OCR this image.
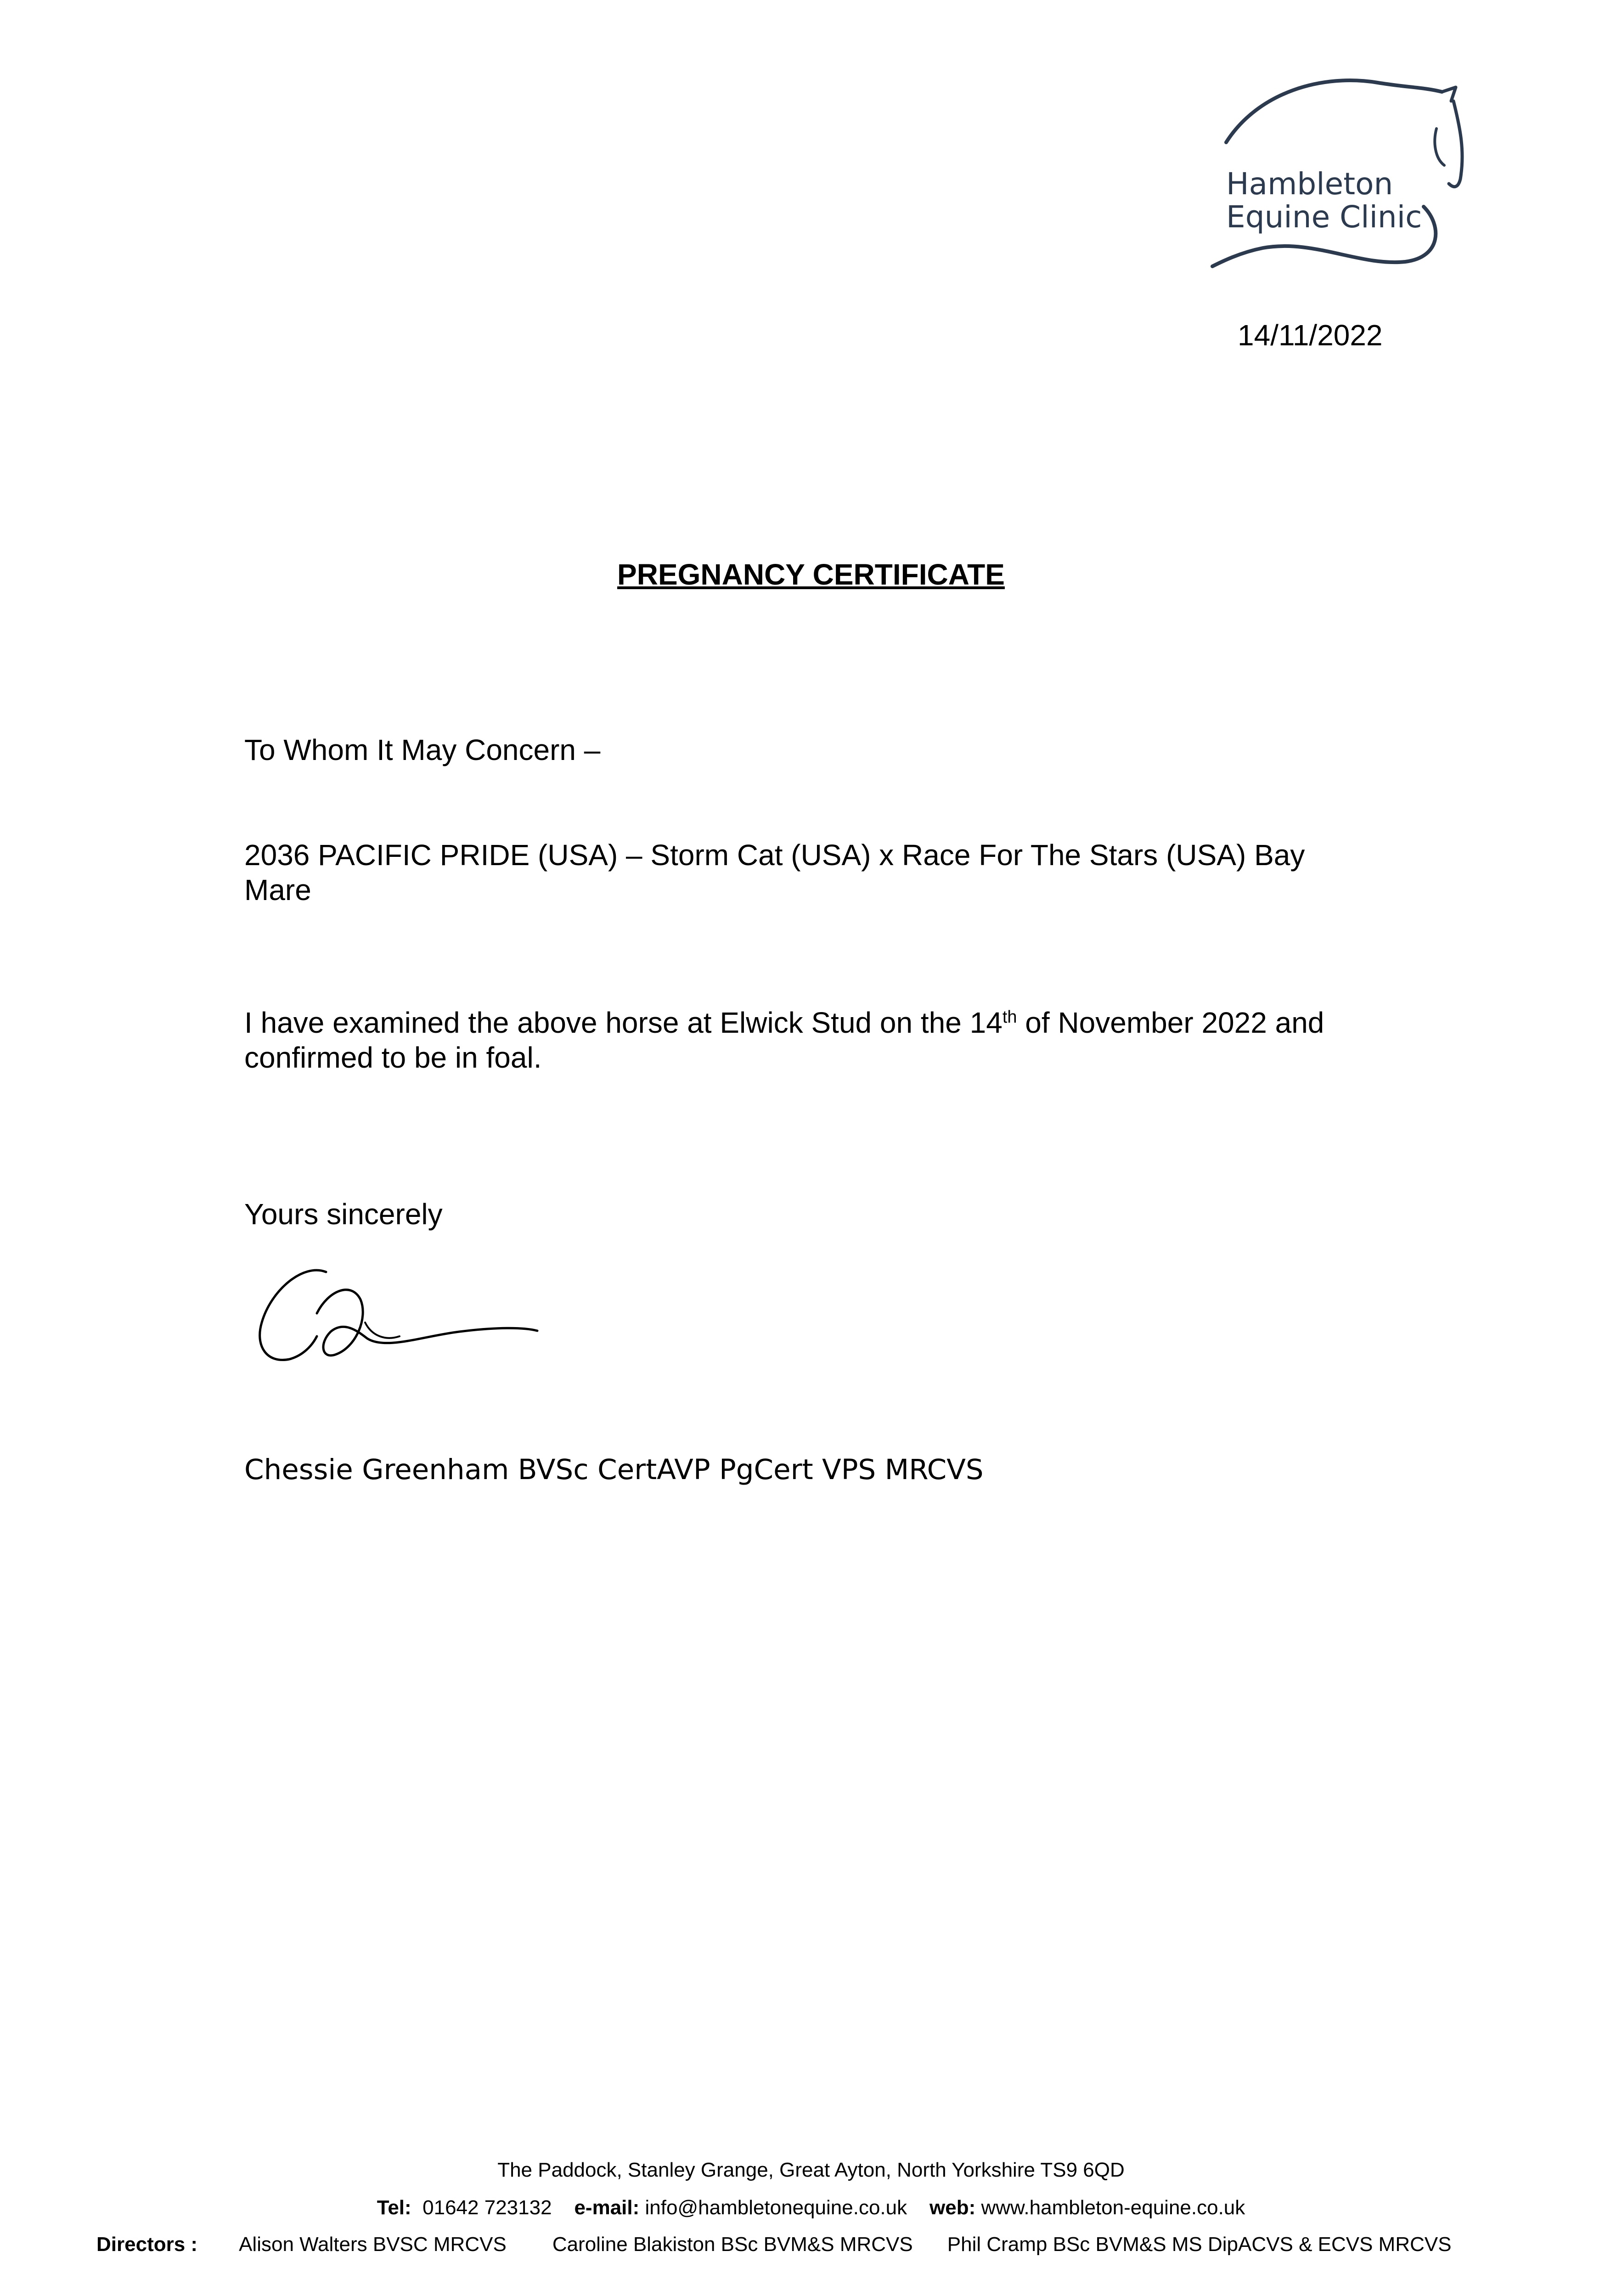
Hambleton
Equine Clinic
14/11/2022
PREGNANCY CERTIFICATE
To Whom It May Concern –
2036 PACIFIC PRIDE (USA) – Storm Cat (USA) x Race For The Stars (USA) Bay
Mare
I have examined the above horse at Elwick Stud on the 14th of November 2022 and
confirmed to be in foal.
Yours sincerely
Chessie Greenham BVSc CertAVP PgCert VPS MRCVS
The Paddock, Stanley Grange, Great Ayton, North Yorkshire TS9 6QD
Tel: 01642 723132 e-mail: info@hambletonequine.co.uk web: www.hambleton-equine.co.uk
Directors : Alison Walters BVSC MRCVS Caroline Blakiston BSc BVM&S MRCVS Phil Cramp BSc BVM&S MS DipACVS & ECVS MRCVS
